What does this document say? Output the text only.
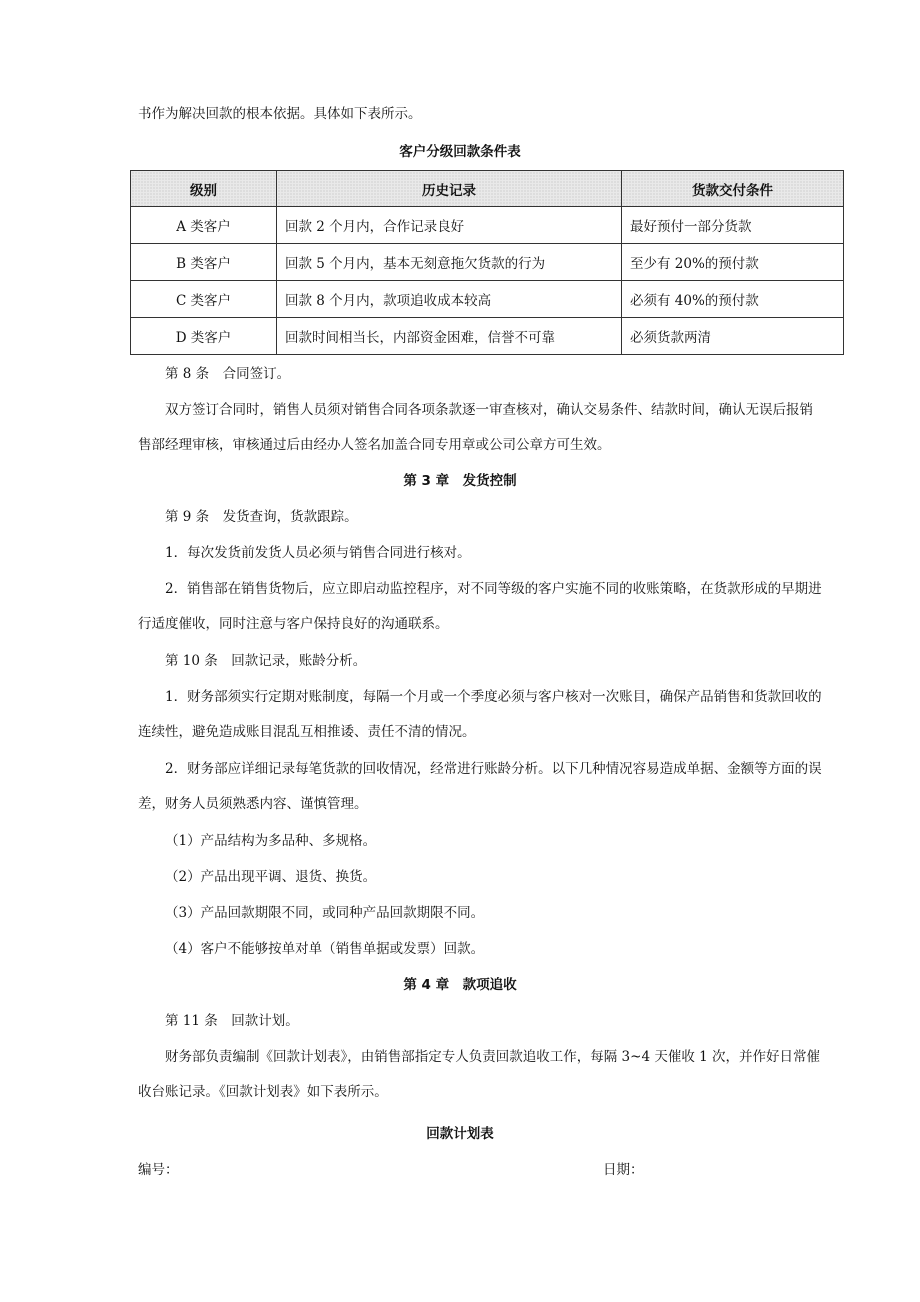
书作为解决回款的根本依据。具体如下表所示。
客户分级回款条件表
级别	历史记录	货款交付条件
A 类客户	回款 2 个月内，合作记录良好	最好预付一部分货款
B 类客户	回款 5 个月内，基本无刻意拖欠货款的行为	至少有 20%的预付款
C 类客户	回款 8 个月内，款项追收成本较高	必须有 40%的预付款
D 类客户	回款时间相当长，内部资金困难，信誉不可靠	必须货款两清
第 8 条　合同签订。
双方签订合同时，销售人员须对销售合同各项条款逐一审查核对，确认交易条件、结款时间，确认无误后报销
售部经理审核，审核通过后由经办人签名加盖合同专用章或公司公章方可生效。
第 3 章　发货控制
第 9 条　发货查询，货款跟踪。
1．每次发货前发货人员必须与销售合同进行核对。
2．销售部在销售货物后，应立即启动监控程序，对不同等级的客户实施不同的收账策略，在货款形成的早期进
行适度催收，同时注意与客户保持良好的沟通联系。
第 10 条　回款记录，账龄分析。
1．财务部须实行定期对账制度，每隔一个月或一个季度必须与客户核对一次账目，确保产品销售和货款回收的
连续性，避免造成账目混乱互相推诿、责任不清的情况。
2．财务部应详细记录每笔货款的回收情况，经常进行账龄分析。以下几种情况容易造成单据、金额等方面的误
差，财务人员须熟悉内容、谨慎管理。
（1）产品结构为多品种、多规格。
（2）产品出现平调、退货、换货。
（3）产品回款期限不同，或同种产品回款期限不同。
（4）客户不能够按单对单（销售单据或发票）回款。
第 4 章　款项追收
第 11 条　回款计划。
财务部负责编制《回款计划表》，由销售部指定专人负责回款追收工作，每隔 3~4 天催收 1 次，并作好日常催
收台账记录。《回款计划表》如下表所示。
回款计划表
编号：	日期：
